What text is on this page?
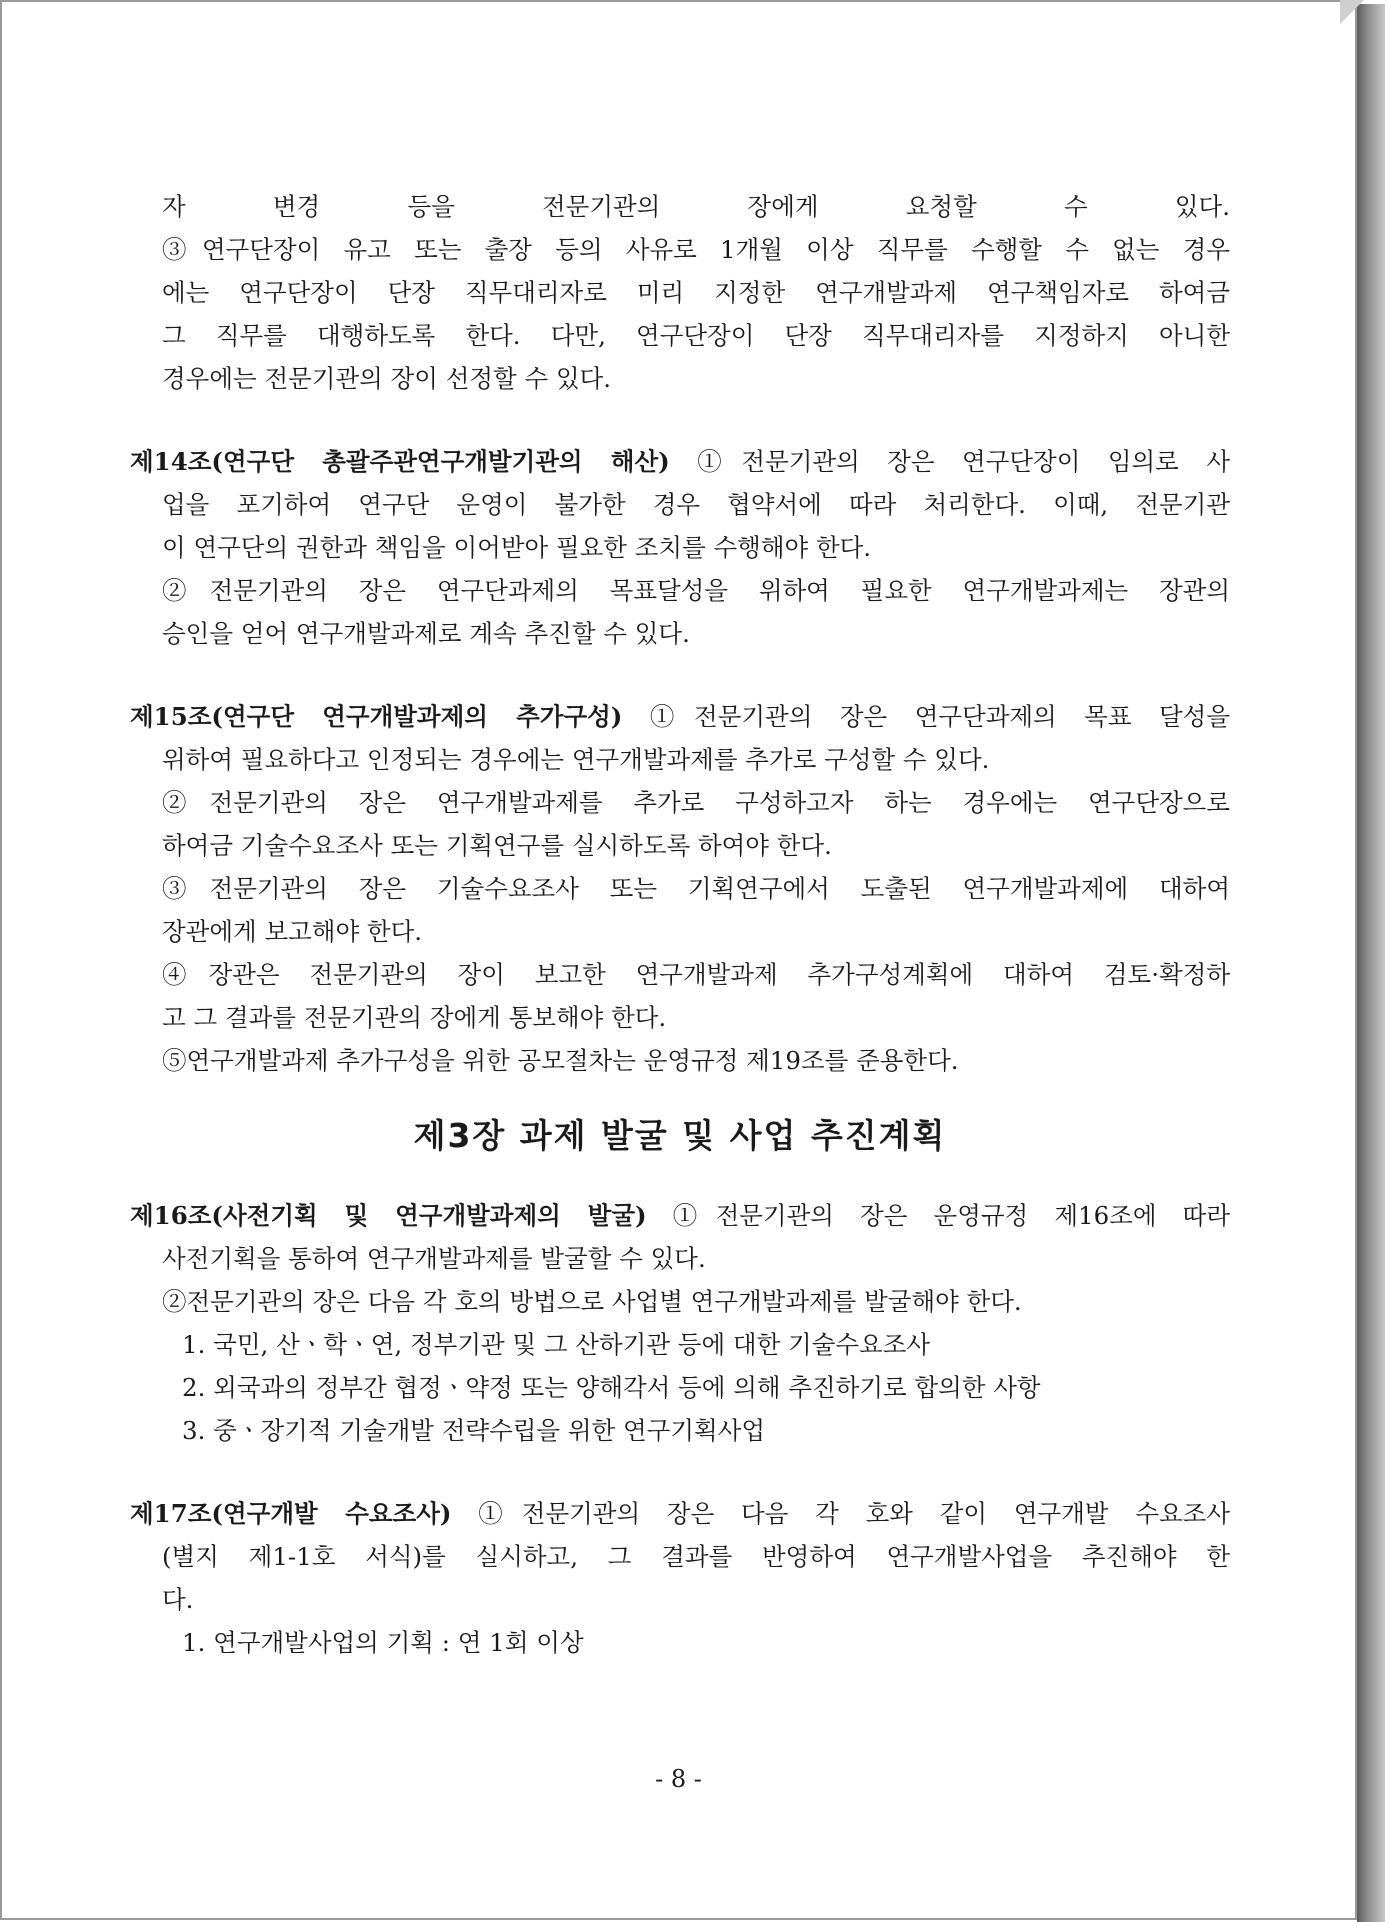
자 변경 등을 전문기관의 장에게 요청할 수 있다.
③연구단장이 유고 또는 출장 등의 사유로 1개월 이상 직무를 수행할 수 없는 경우
에는 연구단장이 단장 직무대리자로 미리 지정한 연구개발과제 연구책임자로 하여금
그 직무를 대행하도록 한다. 다만, 연구단장이 단장 직무대리자를 지정하지 아니한
경우에는 전문기관의 장이 선정할 수 있다.
제14조(연구단 총괄주관연구개발기관의 해산) ①전문기관의 장은 연구단장이 임의로 사
업을 포기하여 연구단 운영이 불가한 경우 협약서에 따라 처리한다. 이때, 전문기관
이 연구단의 권한과 책임을 이어받아 필요한 조치를 수행해야 한다.
②전문기관의 장은 연구단과제의 목표달성을 위하여 필요한 연구개발과제는 장관의
승인을 얻어 연구개발과제로 계속 추진할 수 있다.
제15조(연구단 연구개발과제의 추가구성) ①전문기관의 장은 연구단과제의 목표 달성을
위하여 필요하다고 인정되는 경우에는 연구개발과제를 추가로 구성할 수 있다.
②전문기관의 장은 연구개발과제를 추가로 구성하고자 하는 경우에는 연구단장으로
하여금 기술수요조사 또는 기획연구를 실시하도록 하여야 한다.
③전문기관의 장은 기술수요조사 또는 기획연구에서 도출된 연구개발과제에 대하여
장관에게 보고해야 한다.
④장관은 전문기관의 장이 보고한 연구개발과제 추가구성계획에 대하여 검토·확정하
고 그 결과를 전문기관의 장에게 통보해야 한다.
⑤연구개발과제 추가구성을 위한 공모절차는 운영규정 제19조를 준용한다.
제3장 과제 발굴 및 사업 추진계획
제16조(사전기획 및 연구개발과제의 발굴) ①전문기관의 장은 운영규정 제16조에 따라
사전기획을 통하여 연구개발과제를 발굴할 수 있다.
②전문기관의 장은 다음 각 호의 방법으로 사업별 연구개발과제를 발굴해야 한다.
1. 국민, 산ㆍ학ㆍ연, 정부기관 및 그 산하기관 등에 대한 기술수요조사
2. 외국과의 정부간 협정ㆍ약정 또는 양해각서 등에 의해 추진하기로 합의한 사항
3. 중ㆍ장기적 기술개발 전략수립을 위한 연구기획사업
제17조(연구개발 수요조사) ①전문기관의 장은 다음 각 호와 같이 연구개발 수요조사
(별지 제1-1호 서식)를 실시하고, 그 결과를 반영하여 연구개발사업을 추진해야 한
다.
1. 연구개발사업의 기획 : 연 1회 이상
- 8 -
